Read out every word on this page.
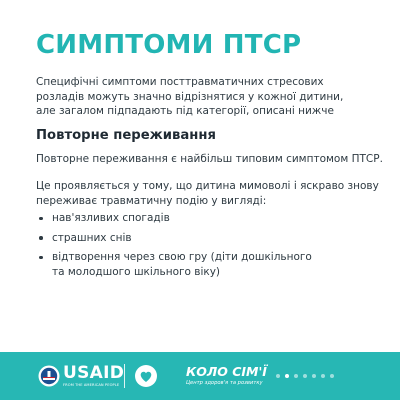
СИМПТОМИ ПТСР
Специфічні симптоми посттравматичних стресових
розладів можуть значно відрізнятися у кожної дитини,
але загалом підпадають під категорії, описані нижче
Повторне переживання
Повторне переживання є найбільш типовим симптомом ПТСР.
Це проявляється у тому, що дитина мимоволі і яскраво знову
переживає травматичну подію у вигляді:
нав'язливих спогадів
страшних снів
відтворення через свою гру (діти дошкільного
та молодшого шкільного віку)
USAID
FROM THE AMERICAN PEOPLE
КОЛО СІМ'Ї
Центр здоров'я та розвитку
